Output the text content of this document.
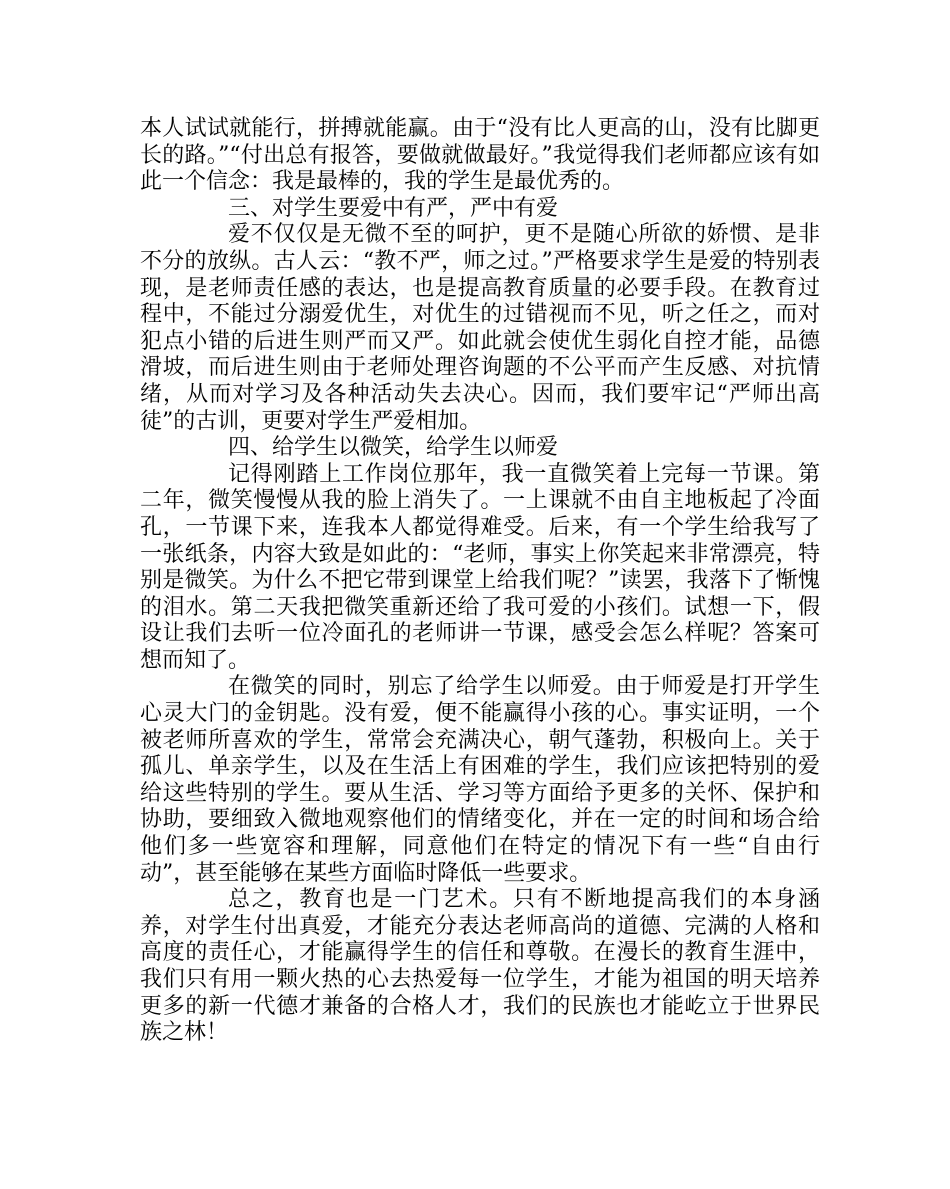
本人试试就能行，拼搏就能赢。由于“没有比人更高的山，没有比脚更长的路。”“付出总有报答，要做就做最好。”我觉得我们老师都应该有如此一个信念：我是最棒的，我的学生是最优秀的。

三、对学生要爱中有严，严中有爱

爱不仅仅是无微不至的呵护，更不是随心所欲的娇惯、是非不分的放纵。古人云：“教不严，师之过。”严格要求学生是爱的特别表现，是老师责任感的表达，也是提高教育质量的必要手段。在教育过程中，不能过分溺爱优生，对优生的过错视而不见，听之任之，而对犯点小错的后进生则严而又严。如此就会使优生弱化自控才能，品德滑坡，而后进生则由于老师处理咨询题的不公平而产生反感、对抗情绪，从而对学习及各种活动失去决心。因而，我们要牢记“严师出高徒”的古训，更要对学生严爱相加。

四、给学生以微笑，给学生以师爱

记得刚踏上工作岗位那年，我一直微笑着上完每一节课。第二年，微笑慢慢从我的脸上消失了。一上课就不由自主地板起了冷面孔，一节课下来，连我本人都觉得难受。后来，有一个学生给我写了一张纸条，内容大致是如此的：“老师，事实上你笑起来非常漂亮，特别是微笑。为什么不把它带到课堂上给我们呢？”读罢，我落下了惭愧的泪水。第二天我把微笑重新还给了我可爱的小孩们。试想一下，假设让我们去听一位冷面孔的老师讲一节课，感受会怎么样呢？答案可想而知了。

在微笑的同时，别忘了给学生以师爱。由于师爱是打开学生心灵大门的金钥匙。没有爱，便不能赢得小孩的心。事实证明，一个被老师所喜欢的学生，常常会充满决心，朝气蓬勃，积极向上。关于孤儿、单亲学生，以及在生活上有困难的学生，我们应该把特别的爱给这些特别的学生。要从生活、学习等方面给予更多的关怀、保护和协助，要细致入微地观察他们的情绪变化，并在一定的时间和场合给他们多一些宽容和理解，同意他们在特定的情况下有一些“自由行动”，甚至能够在某些方面临时降低一些要求。

总之，教育也是一门艺术。只有不断地提高我们的本身涵养，对学生付出真爱，才能充分表达老师高尚的道德、完满的人格和高度的责任心，才能赢得学生的信任和尊敬。在漫长的教育生涯中，我们只有用一颗火热的心去热爱每一位学生，才能为祖国的明天培养更多的新一代德才兼备的合格人才，我们的民族也才能屹立于世界民族之林！
